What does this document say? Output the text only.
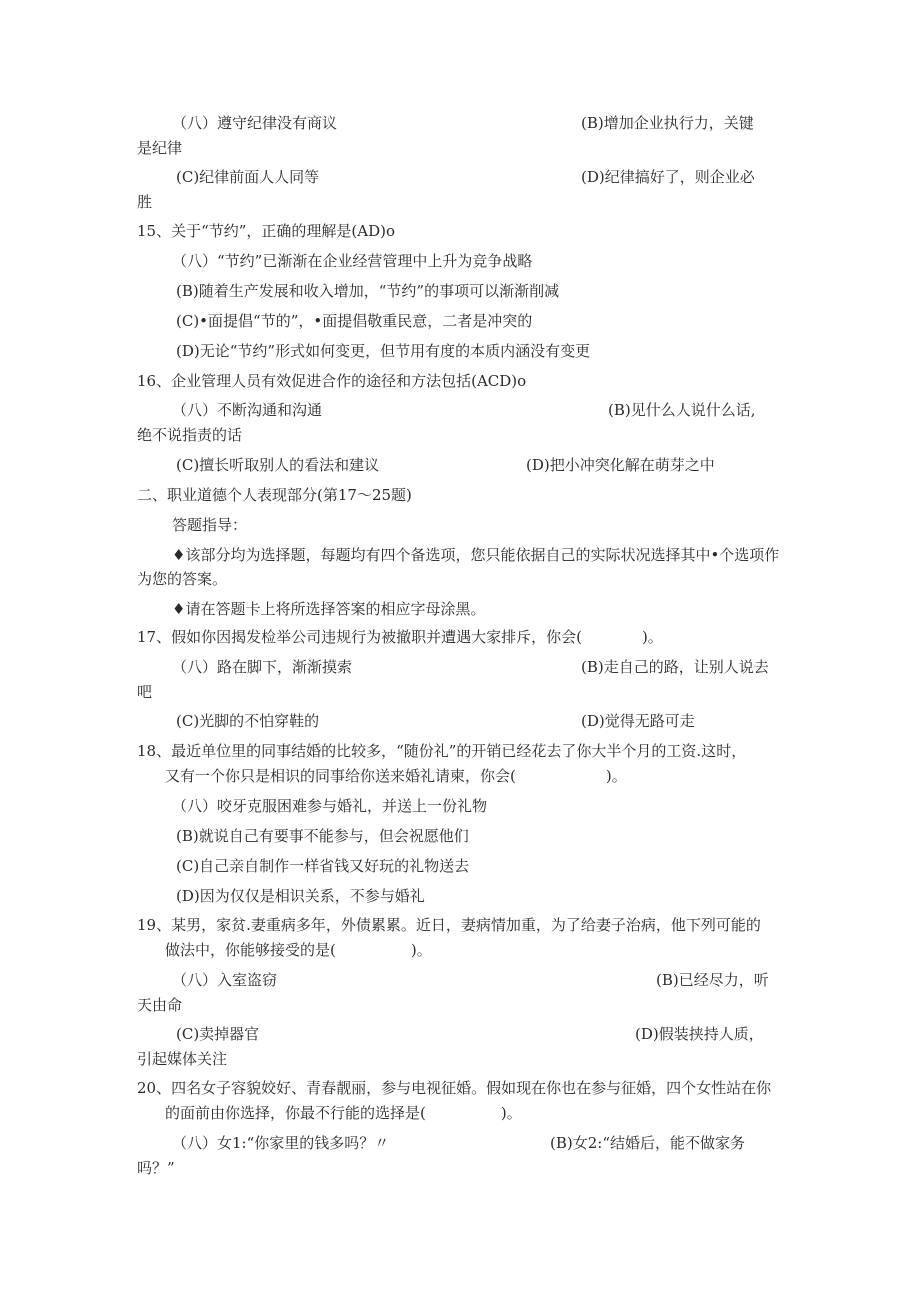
（八）遵守纪律没有商议	(B)增加企业执行力，关键
是纪律
(C)纪律前面人人同等	(D)纪律搞好了，则企业必
胜
15、关于“节约”，正确的理解是(AD)o
（八）“节约”已渐渐在企业经营管理中上升为竞争战略
(B)随着生产发展和收入增加，“节约”的事项可以渐渐削减
(C)•面提倡“节的”，•面提倡敬重民意，二者是冲突的
(D)无论“节约”形式如何变更，但节用有度的本质内涵没有变更
16、企业管理人员有效促进合作的途径和方法包括(ACD)o
（八）不断沟通和沟通	(B)见什么人说什么话,
绝不说指责的话
(C)擅长听取别人的看法和建议	(D)把小冲突化解在萌芽之中
二、职业道德个人表现部分(第17〜25题)
答题指导：
♦该部分均为选择题，每题均有四个备选项，您只能依据自己的实际状况选择其中•个选项作
为您的答案。
♦请在答题卡上将所选择答案的相应字母涂黑。
17、假如你因揭发检举公司违规行为被撤职并遭遇大家排斥，你会(　　　　)。
（八）路在脚下，渐渐摸索	(B)走自己的路，让别人说去
吧
(C)光脚的不怕穿鞋的	(D)觉得无路可走
18、最近单位里的同事结婚的比较多，“随份礼”的开销已经花去了你大半个月的工资.这时，
又有一个你只是相识的同事给你送来婚礼请柬，你会(　　　　　　)。
（八）咬牙克服困难参与婚礼，并送上一份礼物
(B)就说自己有要事不能参与，但会祝愿他们
(C)自己亲自制作一样省钱又好玩的礼物送去
(D)因为仅仅是相识关系，不参与婚礼
19、某男，家贫.妻重病多年，外债累累。近日，妻病情加重，为了给妻子治病，他下列可能的
做法中，你能够接受的是(　　　　　)。
（八）入室盗窃	(B)已经尽力，听
天由命
(C)卖掉器官	(D)假装挟持人质，
引起媒体关注
20、四名女子容貌姣好、青春靓丽，参与电视征婚。假如现在你也在参与征婚，四个女性站在你
的面前由你选择，你最不行能的选择是(　　　　　)。
（八）女1:“你家里的钱多吗？〃	(B)女2:“结婚后，能不做家务
吗？”
